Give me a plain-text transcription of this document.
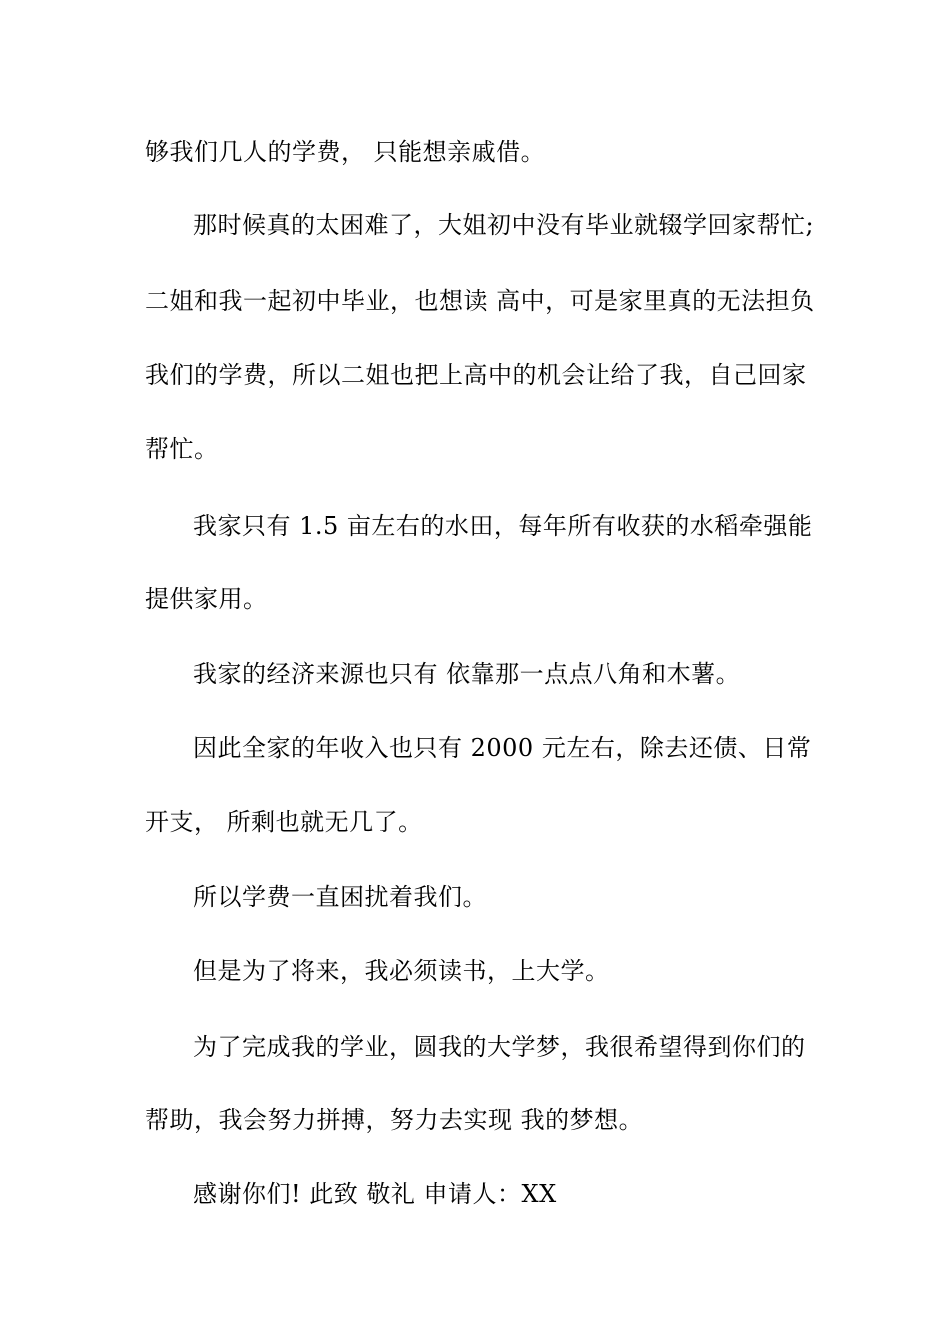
够我们几人的学费， 只能想亲戚借。

那时候真的太困难了，大姐初中没有毕业就辍学回家帮忙;

二姐和我一起初中毕业，也想读 高中，可是家里真的无法担负

我们的学费，所以二姐也把上高中的机会让给了我，自己回家

帮忙。

我家只有 1.5 亩左右的水田，每年所有收获的水稻牵强能

提供家用。

我家的经济来源也只有 依靠那一点点八角和木薯。

因此全家的年收入也只有 2000 元左右，除去还债、日常

开支， 所剩也就无几了。

所以学费一直困扰着我们。

但是为了将来，我必须读书，上大学。

为了完成我的学业，圆我的大学梦，我很希望得到你们的

帮助，我会努力拼搏，努力去实现 我的梦想。

感谢你们! 此致 敬礼 申请人：XX
